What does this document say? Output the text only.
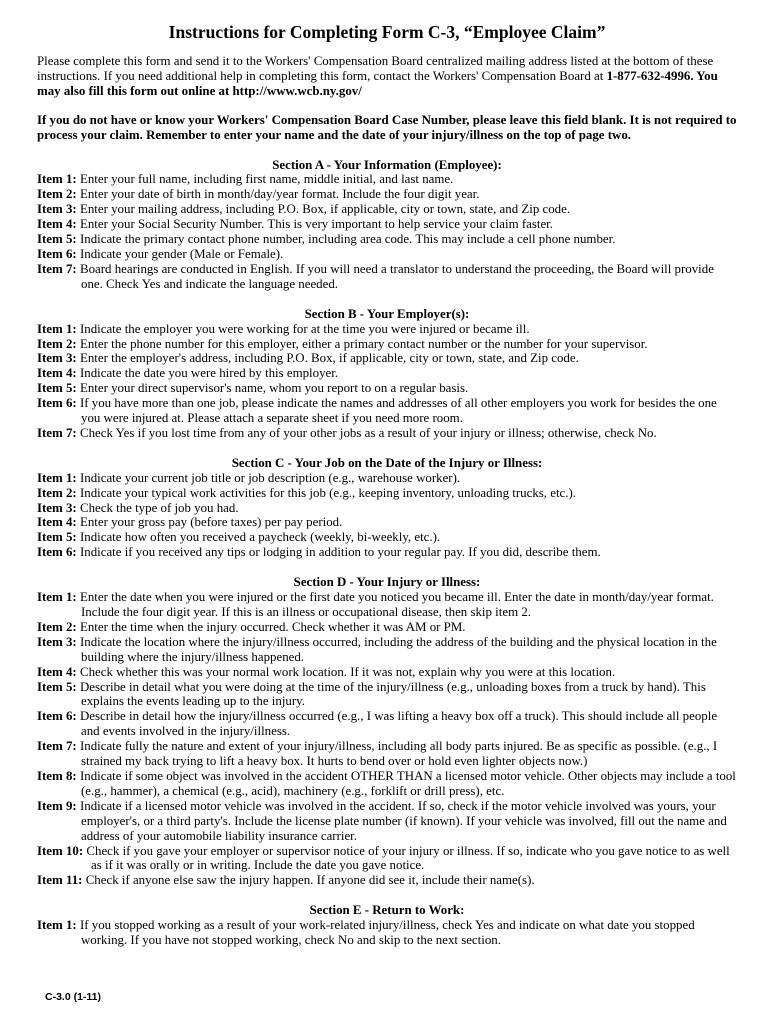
Instructions for Completing Form C-3, “Employee Claim”

Please complete this form and send it to the Workers' Compensation Board centralized mailing address listed at the bottom of these instructions. If you need additional help in completing this form, contact the Workers' Compensation Board at 1-877-632-4996. You may also fill this form out online at http://www.wcb.ny.gov/

If you do not have or know your Workers' Compensation Board Case Number, please leave this field blank. It is not required to process your claim. Remember to enter your name and the date of your injury/illness on the top of page two.

Section A - Your Information (Employee):
Item 1: Enter your full name, including first name, middle initial, and last name.
Item 2: Enter your date of birth in month/day/year format. Include the four digit year.
Item 3: Enter your mailing address, including P.O. Box, if applicable, city or town, state, and Zip code.
Item 4: Enter your Social Security Number. This is very important to help service your claim faster.
Item 5: Indicate the primary contact phone number, including area code. This may include a cell phone number.
Item 6: Indicate your gender (Male or Female).
Item 7: Board hearings are conducted in English. If you will need a translator to understand the proceeding, the Board will provide one. Check Yes and indicate the language needed.
Section B - Your Employer(s):
Item 1: Indicate the employer you were working for at the time you were injured or became ill.
Item 2: Enter the phone number for this employer, either a primary contact number or the number for your supervisor.
Item 3: Enter the employer's address, including P.O. Box, if applicable, city or town, state, and Zip code.
Item 4: Indicate the date you were hired by this employer.
Item 5: Enter your direct supervisor's name, whom you report to on a regular basis.
Item 6: If you have more than one job, please indicate the names and addresses of all other employers you work for besides the one you were injured at. Please attach a separate sheet if you need more room.
Item 7: Check Yes if you lost time from any of your other jobs as a result of your injury or illness; otherwise, check No.
Section C - Your Job on the Date of the Injury or Illness:
Item 1: Indicate your current job title or job description (e.g., warehouse worker).
Item 2: Indicate your typical work activities for this job (e.g., keeping inventory, unloading trucks, etc.).
Item 3: Check the type of job you had.
Item 4: Enter your gross pay (before taxes) per pay period.
Item 5: Indicate how often you received a paycheck (weekly, bi-weekly, etc.).
Item 6: Indicate if you received any tips or lodging in addition to your regular pay. If you did, describe them.
Section D - Your Injury or Illness:
Item 1: Enter the date when you were injured or the first date you noticed you became ill. Enter the date in month/day/year format. Include the four digit year. If this is an illness or occupational disease, then skip item 2.
Item 2: Enter the time when the injury occurred. Check whether it was AM or PM.
Item 3: Indicate the location where the injury/illness occurred, including the address of the building and the physical location in the building where the injury/illness happened.
Item 4: Check whether this was your normal work location. If it was not, explain why you were at this location.
Item 5: Describe in detail what you were doing at the time of the injury/illness (e.g., unloading boxes from a truck by hand). This explains the events leading up to the injury.
Item 6: Describe in detail how the injury/illness occurred (e.g., I was lifting a heavy box off a truck). This should include all people and events involved in the injury/illness.
Item 7: Indicate fully the nature and extent of your injury/illness, including all body parts injured. Be as specific as possible. (e.g., I strained my back trying to lift a heavy box. It hurts to bend over or hold even lighter objects now.)
Item 8: Indicate if some object was involved in the accident OTHER THAN a licensed motor vehicle. Other objects may include a tool (e.g., hammer), a chemical (e.g., acid), machinery (e.g., forklift or drill press), etc.
Item 9: Indicate if a licensed motor vehicle was involved in the accident. If so, check if the motor vehicle involved was yours, your employer's, or a third party's. Include the license plate number (if known). If your vehicle was involved, fill out the name and address of your automobile liability insurance carrier.
Item 10: Check if you gave your employer or supervisor notice of your injury or illness. If so, indicate who you gave notice to as well as if it was orally or in writing. Include the date you gave notice.
Item 11: Check if anyone else saw the injury happen. If anyone did see it, include their name(s).
Section E - Return to Work:
Item 1: If you stopped working as a result of your work-related injury/illness, check Yes and indicate on what date you stopped working. If you have not stopped working, check No and skip to the next section.
C-3.0 (1-11)
